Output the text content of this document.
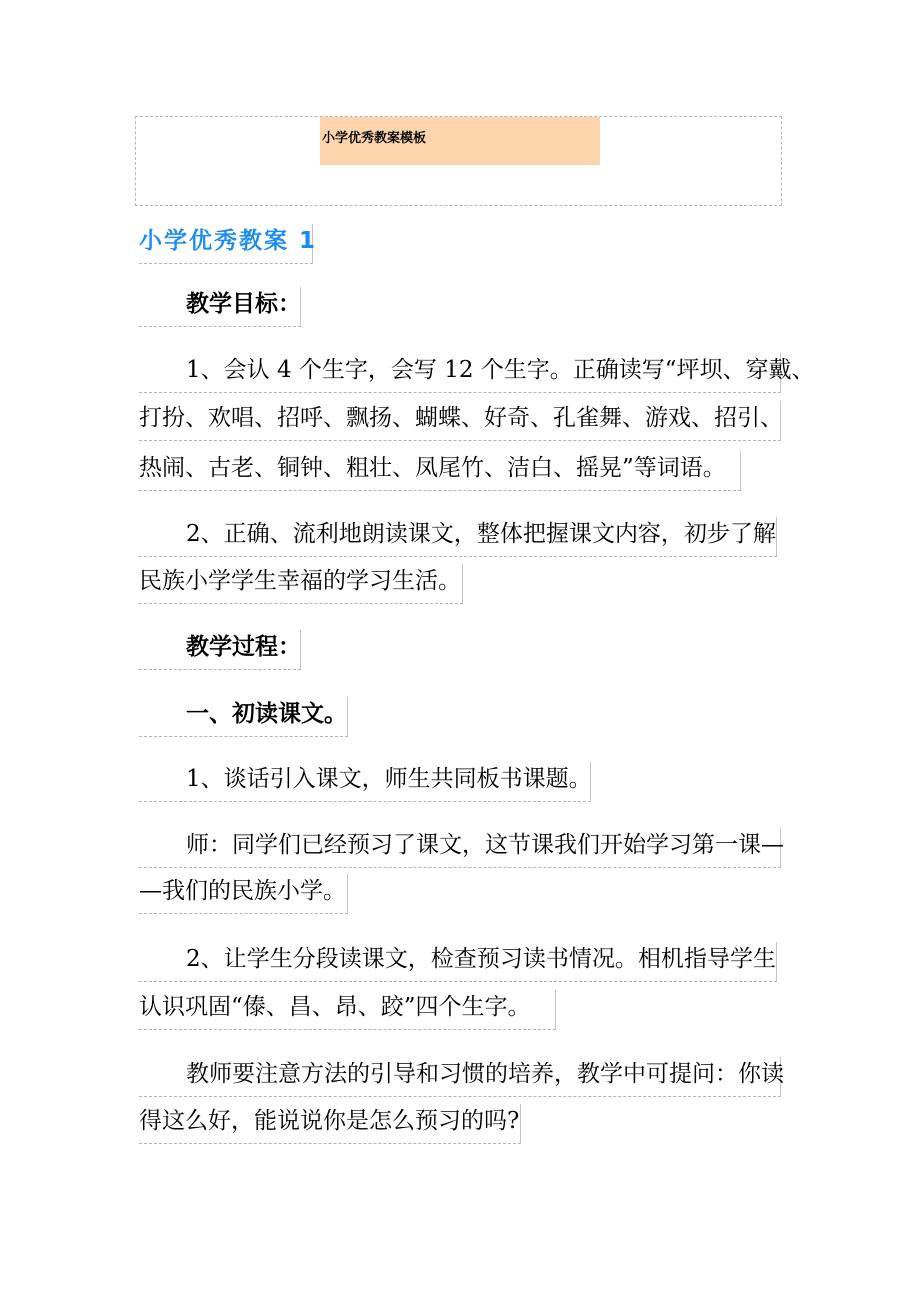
小学优秀教案模板
小学优秀教案 1
教学目标：
1、会认 4 个生字，会写 12 个生字。正确读写“坪坝、穿戴、
打扮、欢唱、招呼、飘扬、蝴蝶、好奇、孔雀舞、游戏、招引、
热闹、古老、铜钟、粗壮、凤尾竹、洁白、摇晃”等词语。
2、正确、流利地朗读课文，整体把握课文内容，初步了解
民族小学学生幸福的学习生活。
教学过程：
一、初读课文。
1、谈话引入课文，师生共同板书课题。
师：同学们已经预习了课文，这节课我们开始学习第一课—
—我们的民族小学。
2、让学生分段读课文，检查预习读书情况。相机指导学生
认识巩固“傣、昌、昂、跤”四个生字。
教师要注意方法的引导和习惯的培养，教学中可提问：你读
得这么好，能说说你是怎么预习的吗?
